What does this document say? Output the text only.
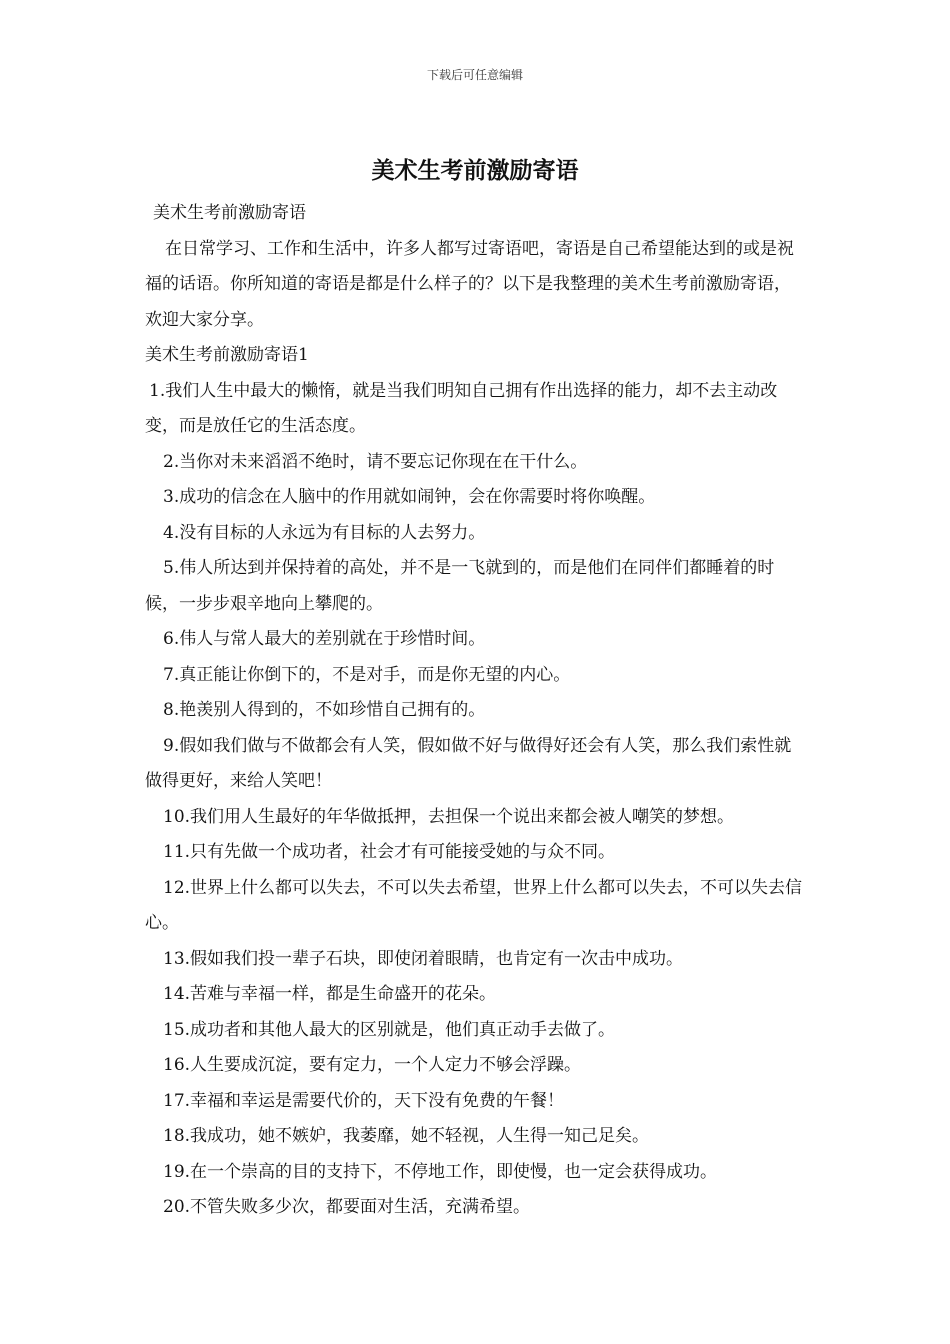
下载后可任意编辑
美术生考前激励寄语

美术生考前激励寄语

在日常学习、工作和生活中，许多人都写过寄语吧，寄语是自己希望能达到的或是祝福的话语。你所知道的寄语是都是什么样子的？以下是我整理的美术生考前激励寄语，欢迎大家分享。

美术生考前激励寄语1

1.我们人生中最大的懒惰，就是当我们明知自己拥有作出选择的能力，却不去主动改变，而是放任它的生活态度。

2.当你对未来滔滔不绝时，请不要忘记你现在在干什么。

3.成功的信念在人脑中的作用就如闹钟，会在你需要时将你唤醒。

4.没有目标的人永远为有目标的人去努力。

5.伟人所达到并保持着的高处，并不是一飞就到的，而是他们在同伴们都睡着的时候，一步步艰辛地向上攀爬的。

6.伟人与常人最大的差别就在于珍惜时间。

7.真正能让你倒下的，不是对手，而是你无望的内心。

8.艳羡别人得到的，不如珍惜自己拥有的。

9.假如我们做与不做都会有人笑，假如做不好与做得好还会有人笑，那么我们索性就做得更好，来给人笑吧！

10.我们用人生最好的年华做抵押，去担保一个说出来都会被人嘲笑的梦想。

11.只有先做一个成功者，社会才有可能接受她的与众不同。

12.世界上什么都可以失去，不可以失去希望，世界上什么都可以失去，不可以失去信心。

13.假如我们投一辈子石块，即使闭着眼睛，也肯定有一次击中成功。

14.苦难与幸福一样，都是生命盛开的花朵。

15.成功者和其他人最大的区别就是，他们真正动手去做了。

16.人生要成沉淀，要有定力，一个人定力不够会浮躁。

17.幸福和幸运是需要代价的，天下没有免费的午餐！

18.我成功，她不嫉妒，我萎靡，她不轻视，人生得一知己足矣。

19.在一个崇高的目的支持下，不停地工作，即使慢，也一定会获得成功。

20.不管失败多少次，都要面对生活，充满希望。
